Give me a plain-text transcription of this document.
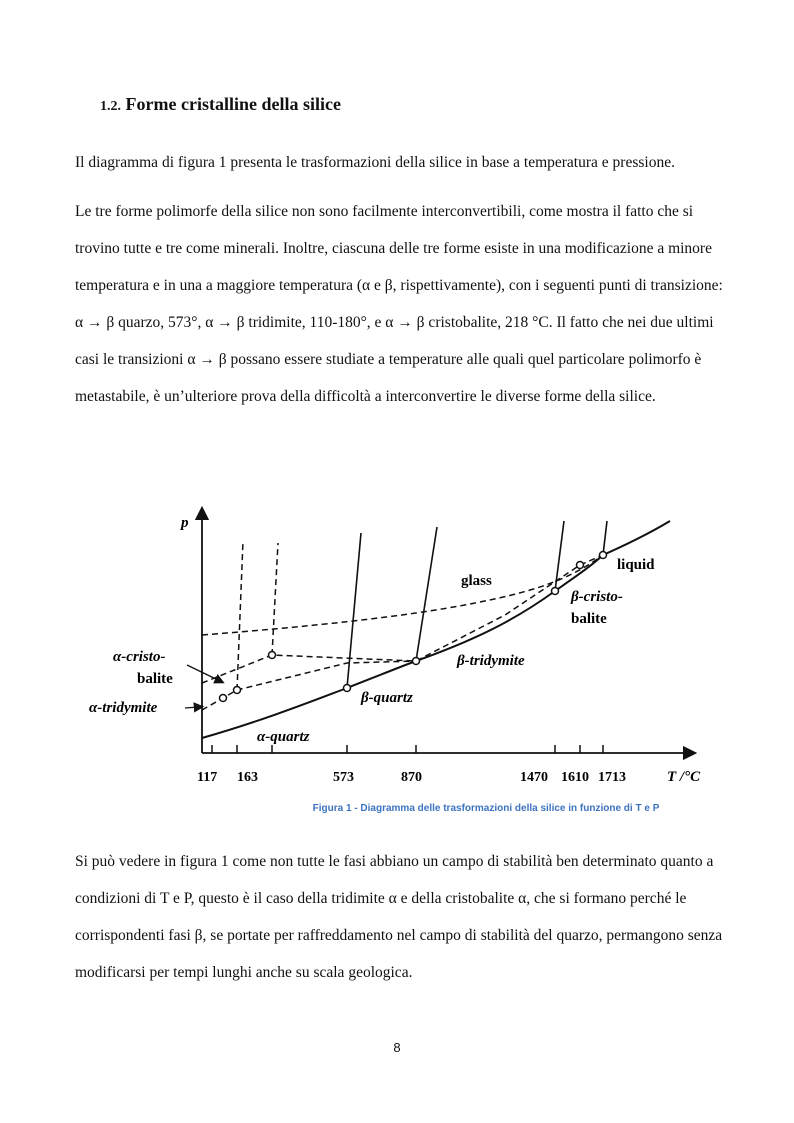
1.2. Forme cristalline della silice

Il diagramma di figura 1 presenta le trasformazioni della silice in base a temperatura e pressione.

Le tre forme polimorfe della silice non sono facilmente interconvertibili, come mostra il fatto che si trovino tutte e tre come minerali. Inoltre, ciascuna delle tre forme esiste in una modificazione a minore temperatura e in una a maggiore temperatura (α e β, rispettivamente), con i seguenti punti di transizione: α → β quarzo, 573°, α → β tridimite, 110-180°, e α → β cristobalite, 218 °C. Il fatto che nei due ultimi casi le transizioni α → β possano essere studiate a temperature alle quali quel particolare polimorfo è metastabile, è un’ulteriore prova della difficoltà a interconvertire le diverse forme della silice.

p
T /°C
117 163	573	870	1470 1610 1713
glass
liquid
β-cristo-
balite
β-tridymite
β-quartz
α-quartz
α-cristo-
balite
α-tridymite
Figura 1 - Diagramma delle trasformazioni della silice in funzione di T e P

Si può vedere in figura 1 come non tutte le fasi abbiano un campo di stabilità ben determinato quanto a condizioni di T e P, questo è il caso della tridimite α e della cristobalite α, che si formano perché le corrispondenti fasi β, se portate per raffreddamento nel campo di stabilità del quarzo, permangono senza modificarsi per tempi lunghi anche su scala geologica.

8
